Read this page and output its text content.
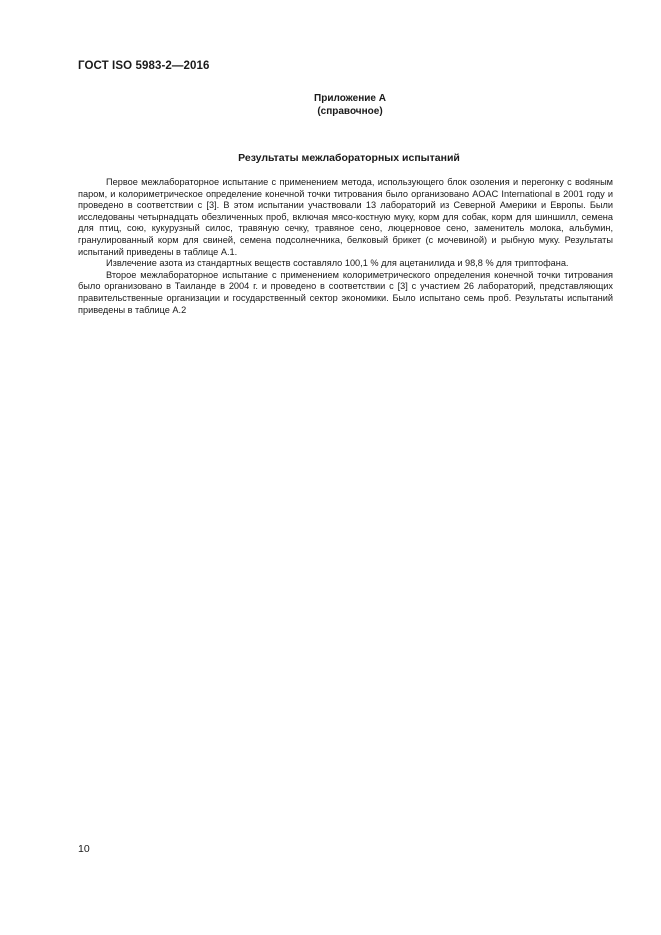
ГОСТ ISO 5983-2—2016
Приложение А
(справочное)
Результаты межлабораторных испытаний

Первое межлабораторное испытание с применением метода, использующего блок озоления и перегонку с воdяным паром, и колориметрическое определение конечной точки титрования было организовано AOAC International в 2001 году и проведено в соответствии с [3]. В этом испытании участвовали 13 лабораторий из Северной Америки и Европы. Были исследованы четырнадцать обезличенных проб, включая мясо-костную муку, корм для собак, корм для шиншилл, семена для птиц, сою, кукурузный силос, травяную сечку, травяное сено, люцерновое сено, заменитель молока, альбумин, гранулированный корм для свиней, семена подсолнечника, белковый брикет (с мочевиной) и рыбную муку. Результаты испытаний приведены в таблице А.1.

Извлечение азота из стандартных веществ составляло 100,1 % для ацетанилида и 98,8 % для триптофана.

Второе межлабораторное испытание с применением колориметрического определения конечной точки титрования было организовано в Таиланде в 2004 г. и проведено в соответствии с [3] с участием 26 лабораторий, представляющих правительственные организации и государственный сектор экономики. Было испытано семь проб. Результаты испытаний приведены в таблице А.2

10
